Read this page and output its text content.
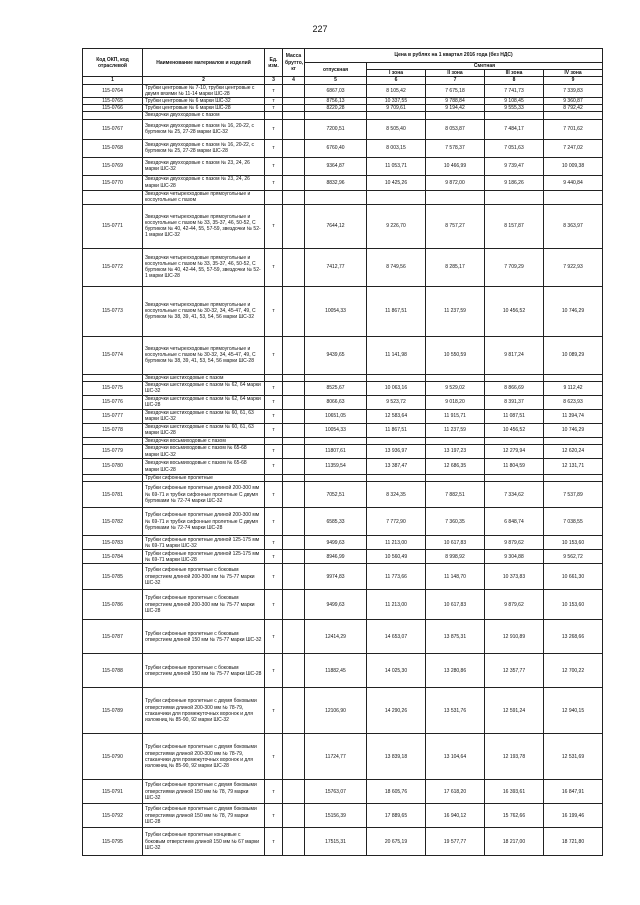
227
Код ОКП, код отраслевой	Наименование материалов и изделий	Ед. изм.	Масса брутто, кг	Цена в рублях на 1 квартал 2016 года (без НДС)				
				отпускная	Сметная			
					I зона	II зона	III зона	IV зона
1	2	3	4	5	6	7	8	9
115-0764	Трубки центровые № 7-10, трубки центровые с двумя вязями № 11-14 марки ШС-28	т		6867,03	8 105,42	7 675,18	7 741,73	7 339,83
115-0765	Трубки центровые № 6 марки ШС-32	т		8756,13	10 337,55	9 788,84	9 108,45	9 360,87
115-0766	Трубки центровые № 6 марки ШС-28	т		8220,28	9 709,61	9 194,42	9 555,33	8 792,42
	Звездочки двухходовые с пазом							
115-0767	Звездочки двухходовые с пазом № 16, 20-22, с буртиком № 25, 27-28 марки ШС-32	т		7200,51	8 505,40	8 053,87	7 484,17	7 701,62
115-0768	Звездочки двухходовые с пазом № 16, 20-22, с буртиком № 25, 27-28 марки ШС-28	т		6760,40	8 003,15	7 578,37	7 051,63	7 247,02
115-0769	Звездочки двухходовые с пазом № 23, 24, 26 марки ШС-32	т		9364,87	11 053,71	10 466,99	9 739,47	10 009,38
115-0770	Звездочки двухходовые с пазом № 23, 24, 26 марки ШС-28	т		8832,96	10 425,26	9 872,00	9 186,26	9 440,84
	Звездочки четырехходовые прямоугольные и косоугольные с пазом							
115-0771	Звездочки четырехходовые прямоугольные и косоугольные с пазом № 33, 35-37, 46, 50-52, С буртиком № 40, 42-44, 55, 57-59, звездочки № 52-1 марки ШС-32	т		7644,12	9 226,70	8 757,27	8 157,87	8 363,97
115-0772	Звездочки четырехходовые прямоугольные и косоугольные с пазом № 33, 35-37, 46, 50-52, С буртиком № 40, 42-44, 55, 57-59, звездочки № 52-1 марки ШС-28	т		7412,77	8 749,56	8 285,17	7 709,29	7 922,93
115-0773	Звездочки четырехходовые прямоугольные и косоугольные с пазом № 30-32, 34, 45-47, 49, С буртиком № 38, 39, 41, 53, 54, 56 марки ШС-32	т		10054,33	11 867,51	11 237,59	10 456,52	10 746,29
115-0774	Звездочки четырехходовые прямоугольные и косоугольные с пазом № 30-32, 34, 45-47, 49, С буртиком № 38, 39, 41, 53, 54, 56 марки ШС-28	т		9439,65	11 141,98	10 550,59	9 817,24	10 089,29
	Звездочки шестиходовые с пазом							
115-0775	Звездочки шестиходовые с пазом № 62, 64 марки ШС-32	т		8525,67	10 063,16	9 529,02	8 866,69	9 112,42
115-0776	Звездочки шестиходовые с пазом № 62, 64 марки ШС-28	т		8066,63	9 523,72	9 018,20	8 391,37	8 623,93
115-0777	Звездочки шестиходовые с пазом № 60, 61, 63 марки ШС-32	т		10651,05	12 583,64	11 915,71	11 087,51	11 394,74
115-0778	Звездочки шестиходовые с пазом № 60, 61, 63 марки ШС-28	т		10054,33	11 867,51	11 237,59	10 456,52	10 746,29
	Звездочки восьмиходовые с пазом							
115-0779	Звездочки восьмиходовые с пазом № 65-68 марки ШС-32	т		11807,61	13 936,97	13 197,23	12 279,94	12 620,24
115-0780	Звездочки восьмиходовые с пазом № 65-68 марки ШС-28	т		11359,54	13 387,47	12 686,35	11 804,59	12 131,71
	Трубки сифонные пролетные							
115-0781	Трубки сифонные пролетные длиной 200-300 мм № 69-71 и трубки сифонные пролетные С двумя буртиками № 72-74 марки ШС-32	т		7052,51	8 324,35	7 882,51	7 334,62	7 537,89
115-0782	Трубки сифонные пролетные длиной 200-300 мм № 69-71 и трубки сифонные пролетные С двумя буртиками № 72-74 марки ШС-28	т		6585,33	7 772,90	7 360,35	6 848,74	7 038,55
115-0783	Трубки сифонные пролетные длиной 125-175 мм № 69-71 марки ШС-32	т		9499,63	11 213,00	10 617,83	9 879,62	10 153,60
115-0784	Трубки сифонные пролетные длиной 125-175 мм № 69-71 марки ШС-28	т		8946,99	10 560,49	8 998,92	9 304,88	9 562,72
115-0785	Трубки сифонные пролетные с боковым отверстием длиной 200-300 мм № 75-77 марки ШС-32	т		9974,83	11 773,66	11 148,70	10 373,83	10 661,30
115-0786	Трубки сифонные пролетные с боковым отверстием длиной 200-300 мм № 75-77 марки ШС-28	т		9499,63	11 213,00	10 617,83	9 879,62	10 153,60
115-0787	Трубки сифонные пролетные с боковым отверстием длиной 150 мм № 75-77 марки ШС-32	т		12414,29	14 653,07	13 875,31	12 910,89	13 268,66
115-0788	Трубки сифонные пролетные с боковым отверстием длиной 150 мм № 75-77 марки ШС-28	т		11882,45	14 025,30	13 280,86	12 357,77	12 700,22
115-0789	Трубки сифонные пролетные с двумя боковыми отверстиями длиной 200-300 мм № 78-79, стаканчики для промежуточных воронок и для изложниц № 85-90, 92 марки ШС-32	т		12106,90	14 290,26	13 531,76	12 591,24	12 940,15
115-0790	Трубки сифонные пролетные с двумя боковыми отверстиями длиной 200-300 мм № 78-79, стаканчики для промежуточных воронок и для изложниц № 85-90, 92 марки ШС-28	т		11724,77	13 839,18	13 104,64	12 193,78	12 531,69
115-0791	Трубки сифонные пролетные с двумя боковыми отверстиями длиной 150 мм № 78, 79 марки ШС-32	т		15763,07	18 605,76	17 618,20	16 393,61	16 847,91
115-0792	Трубки сифонные пролетные с двумя боковыми отверстиями длиной 150 мм № 78, 79 марки ШС-28	т		15156,39	17 889,65	16 940,12	15 762,66	16 199,46
115-0795	Трубки сифонные пролетные концевые с боковым отверстием длиной 150 мм № 67 марки ШС-32	т		17515,31	20 675,19	19 577,77	18 217,00	18 721,80
